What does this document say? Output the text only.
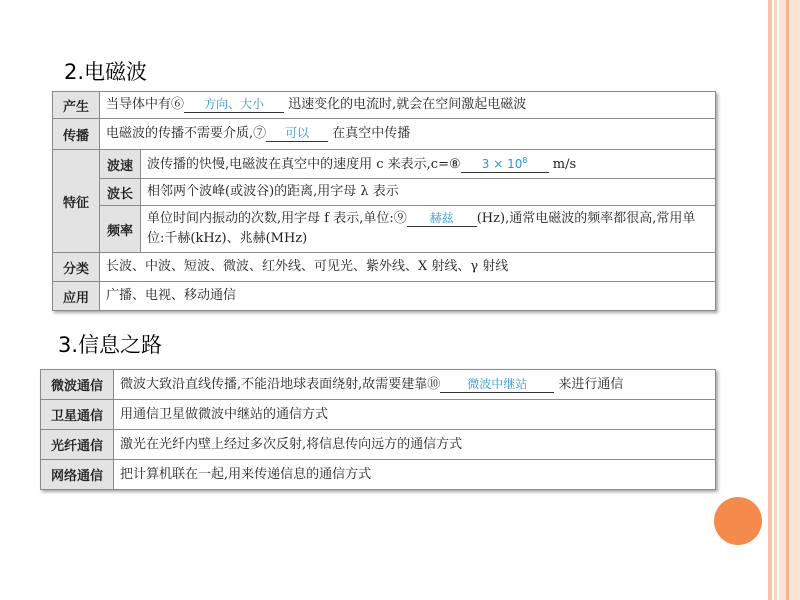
2.电磁波
产生	当导体中有⑥ 方向、大小 迅速变化的电流时,就会在空间激起电磁波	
传播	电磁波的传播不需要介质,⑦ 可以 在真空中传播	
特征	波速	波传播的快慢,电磁波在真空中的速度用 c 来表示,c=⑧ $3 \times 10^8$ m/s
	波长	相邻两个波峰(或波谷)的距离,用字母 λ 表示
	频率	单位时间内振动的次数,用字母 f 表示,单位:⑨ 赫兹 (Hz),通常电磁波的频率都很高,常用单位:千赫(kHz)、兆赫(MHz)
分类	长波、中波、短波、微波、红外线、可见光、紫外线、X 射线、γ 射线	
应用	广播、电视、移动通信	
3.信息之路
微波通信	微波大致沿直线传播,不能沿地球表面绕射,故需要建靠⑩ 微波中继站 来进行通信
卫星通信	用通信卫星做微波中继站的通信方式
光纤通信	激光在光纤内壁上经过多次反射,将信息传向远方的通信方式
网络通信	把计算机联在一起,用来传递信息的通信方式
